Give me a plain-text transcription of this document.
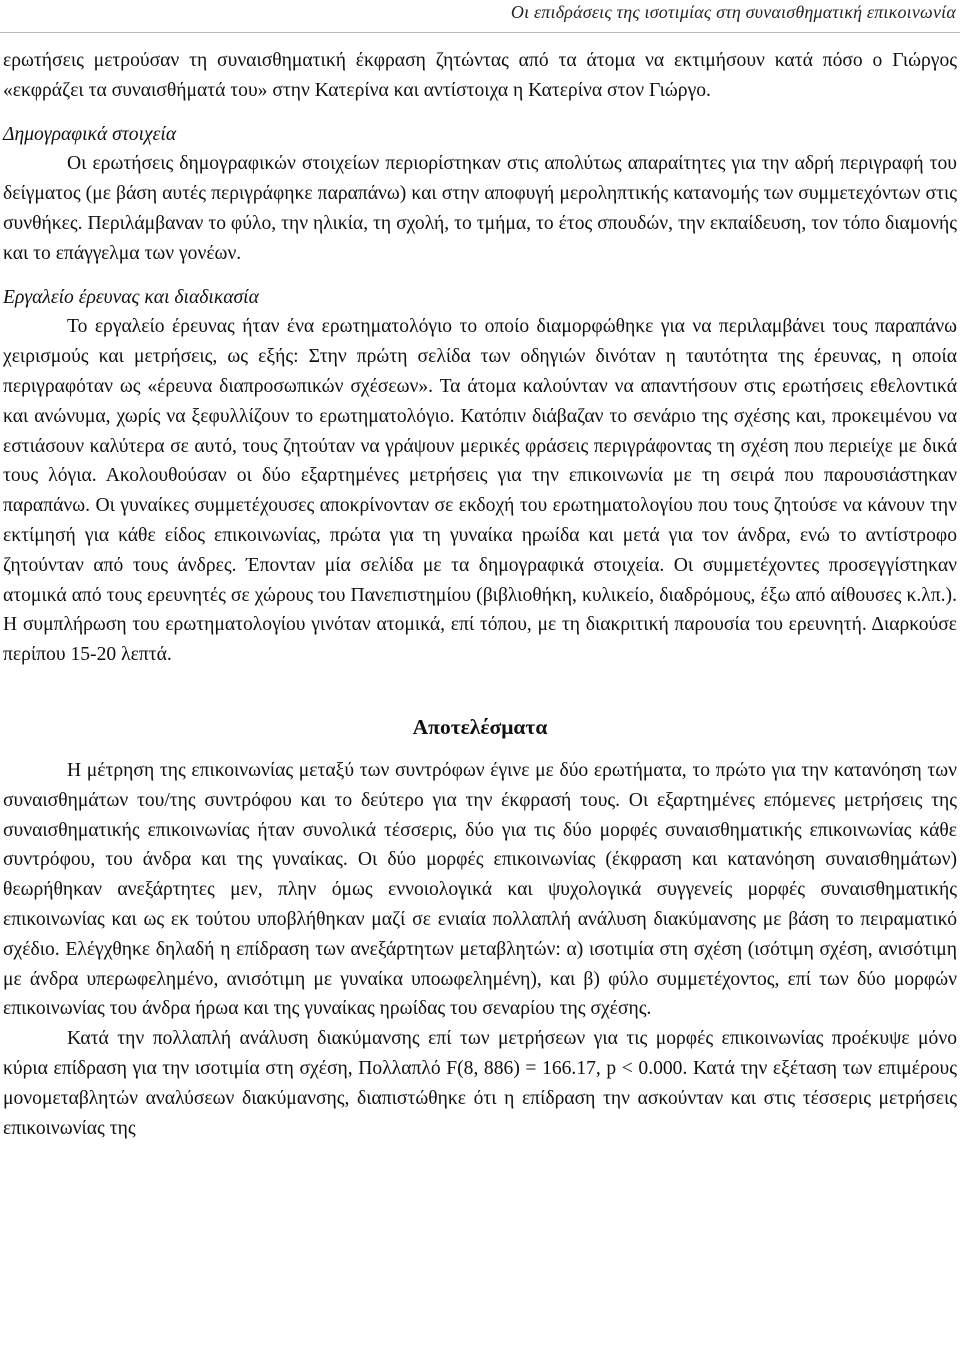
Οι επιδράσεις της ισοτιμίας στη συναισθηματική επικοινωνία

ερωτήσεις μετρούσαν τη συναισθηματική έκφραση ζητώντας από τα άτομα να εκτιμήσουν κατά πόσο ο Γιώργος «εκφράζει τα συναισθήματά του» στην Κατερίνα και αντίστοιχα η Κατερίνα στον Γιώργο.

Δημογραφικά στοιχεία

Οι ερωτήσεις δημογραφικών στοιχείων περιορίστηκαν στις απολύτως απαραίτητες για την αδρή περιγραφή του δείγματος (με βάση αυτές περιγράφηκε παραπάνω) και στην αποφυγή μεροληπτικής κατανομής των συμμετεχόντων στις συνθήκες. Περιλάμβαναν το φύλο, την ηλικία, τη σχολή, το τμήμα, το έτος σπουδών, την εκπαίδευση, τον τόπο διαμονής και το επάγγελμα των γονέων.

Εργαλείο έρευνας και διαδικασία

Το εργαλείο έρευνας ήταν ένα ερωτηματολόγιο το οποίο διαμορφώθηκε για να περιλαμβάνει τους παραπάνω χειρισμούς και μετρήσεις, ως εξής: Στην πρώτη σελίδα των οδηγιών δινόταν η ταυτότητα της έρευνας, η οποία περιγραφόταν ως «έρευνα διαπροσωπικών σχέσεων». Τα άτομα καλούνταν να απαντήσουν στις ερωτήσεις εθελοντικά και ανώνυμα, χωρίς να ξεφυλλίζουν το ερωτηματολόγιο. Κατόπιν διάβαζαν το σενάριο της σχέσης και, προκειμένου να εστιάσουν καλύτερα σε αυτό, τους ζητούταν να γράψουν μερικές φράσεις περιγράφοντας τη σχέση που περιείχε με δικά τους λόγια. Ακολουθούσαν οι δύο εξαρτημένες μετρήσεις για την επικοινωνία με τη σειρά που παρουσιάστηκαν παραπάνω. Οι γυναίκες συμμετέχουσες αποκρίνονταν σε εκδοχή του ερωτηματολογίου που τους ζητούσε να κάνουν την εκτίμησή για κάθε είδος επικοινωνίας, πρώτα για τη γυναίκα ηρωίδα και μετά για τον άνδρα, ενώ το αντίστροφο ζητούνταν από τους άνδρες. Έπονταν μία σελίδα με τα δημογραφικά στοιχεία. Οι συμμετέχοντες προσεγγίστηκαν ατομικά από τους ερευνητές σε χώρους του Πανεπιστημίου (βιβλιοθήκη, κυλικείο, διαδρόμους, έξω από αίθουσες κ.λπ.). Η συμπλήρωση του ερωτηματολογίου γινόταν ατομικά, επί τόπου, με τη διακριτική παρουσία του ερευνητή. Διαρκούσε περίπου 15-20 λεπτά.

Αποτελέσματα

Η μέτρηση της επικοινωνίας μεταξύ των συντρόφων έγινε με δύο ερωτήματα, το πρώτο για την κατανόηση των συναισθημάτων του/της συντρόφου και το δεύτερο για την έκφρασή τους. Οι εξαρτημένες επόμενες μετρήσεις της συναισθηματικής επικοινωνίας ήταν συνολικά τέσσερις, δύο για τις δύο μορφές συναισθηματικής επικοινωνίας κάθε συντρόφου, του άνδρα και της γυναίκας. Οι δύο μορφές επικοινωνίας (έκφραση και κατανόηση συναισθημάτων) θεωρήθηκαν ανεξάρτητες μεν, πλην όμως εννοιολογικά και ψυχολογικά συγγενείς μορφές συναισθηματικής επικοινωνίας και ως εκ τούτου υποβλήθηκαν μαζί σε ενιαία πολλαπλή ανάλυση διακύμανσης με βάση το πειραματικό σχέδιο. Ελέγχθηκε δηλαδή η επίδραση των ανεξάρτητων μεταβλητών: α) ισοτιμία στη σχέση (ισότιμη σχέση, ανισότιμη με άνδρα υπερωφελημένο, ανισότιμη με γυναίκα υποωφελημένη), και β) φύλο συμμετέχοντος, επί των δύο μορφών επικοινωνίας του άνδρα ήρωα και της γυναίκας ηρωίδας του σεναρίου της σχέσης.

Κατά την πολλαπλή ανάλυση διακύμανσης επί των μετρήσεων για τις μορφές επικοινωνίας προέκυψε μόνο κύρια επίδραση για την ισοτιμία στη σχέση, Πολλαπλό F(8, 886) = 166.17, p < 0.000. Κατά την εξέταση των επιμέρους μονομεταβλητών αναλύσεων διακύμανσης, διαπιστώθηκε ότι η επίδραση την ασκούνταν και στις τέσσερις μετρήσεις επικοινωνίας της
